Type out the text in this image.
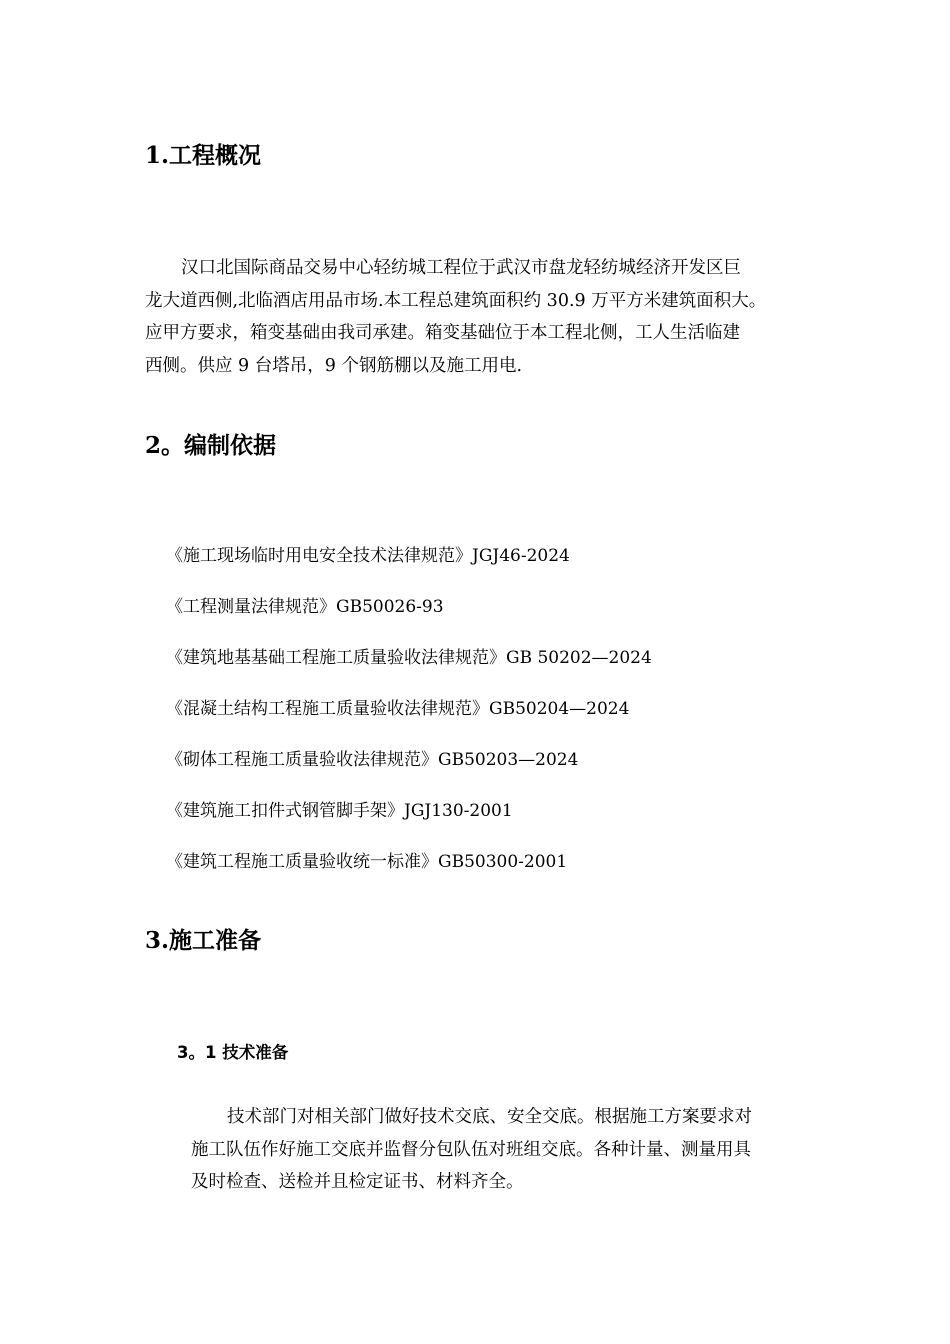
1.工程概况
汉口北国际商品交易中心轻纺城工程位于武汉市盘龙轻纺城经济开发区巨
龙大道西侧,北临酒店用品市场.本工程总建筑面积约 30.9 万平方米建筑面积大。
应甲方要求，箱变基础由我司承建。箱变基础位于本工程北侧，工人生活临建
西侧。供应 9 台塔吊，9 个钢筋棚以及施工用电.
2。编制依据

《施工现场临时用电安全技术法律规范》JGJ46-2024

《工程测量法律规范》GB50026-93

《建筑地基基础工程施工质量验收法律规范》GB 50202—2024

《混凝土结构工程施工质量验收法律规范》GB50204—2024

《砌体工程施工质量验收法律规范》GB50203—2024

《建筑施工扣件式钢管脚手架》JGJ130-2001

《建筑工程施工质量验收统一标准》GB50300-2001

3.施工准备
3。1 技术准备
技术部门对相关部门做好技术交底、安全交底。根据施工方案要求对
施工队伍作好施工交底并监督分包队伍对班组交底。各种计量、测量用具
及时检查、送检并且检定证书、材料齐全。
